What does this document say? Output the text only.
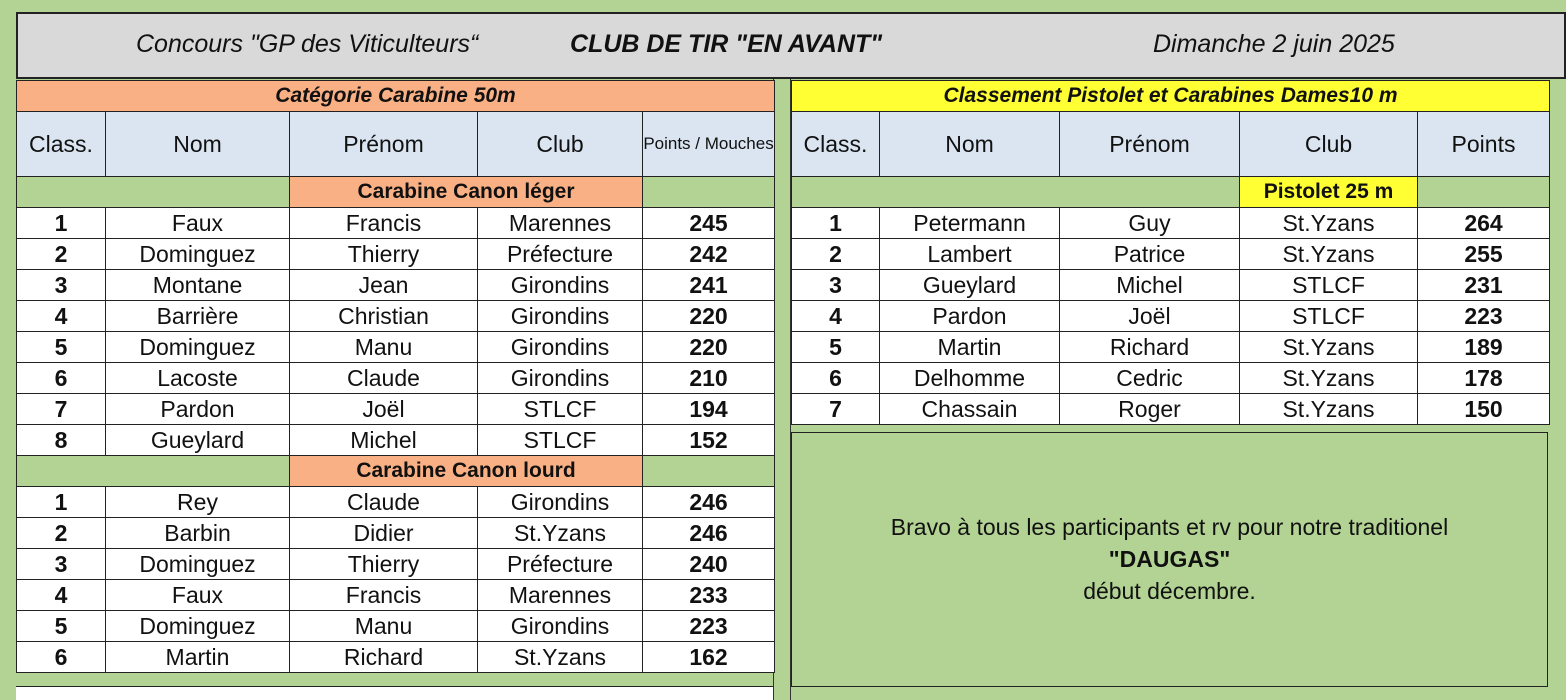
Concours "GP des Viticulteurs“	CLUB DE TIR "EN AVANT"	Dimanche 2 juin 2025
Catégorie Carabine 50m				
Class.	Nom	Prénom	Club	Points / Mouches
		Carabine Canon léger		
1	Faux	Francis	Marennes	245
2	Dominguez	Thierry	Préfecture	242
3	Montane	Jean	Girondins	241
4	Barrière	Christian	Girondins	220
5	Dominguez	Manu	Girondins	220
6	Lacoste	Claude	Girondins	210
7	Pardon	Joël	STLCF	194
8	Gueylard	Michel	STLCF	152
		Carabine Canon lourd		
1	Rey	Claude	Girondins	246
2	Barbin	Didier	St.Yzans	246
3	Dominguez	Thierry	Préfecture	240
4	Faux	Francis	Marennes	233
5	Dominguez	Manu	Girondins	223
6	Martin	Richard	St.Yzans	162
Classement Pistolet et Carabines Dames10 m				
Class.	Nom	Prénom	Club	Points
			Pistolet 25 m	
1	Petermann	Guy	St.Yzans	264
2	Lambert	Patrice	St.Yzans	255
3	Gueylard	Michel	STLCF	231
4	Pardon	Joël	STLCF	223
5	Martin	Richard	St.Yzans	189
6	Delhomme	Cedric	St.Yzans	178
7	Chassain	Roger	St.Yzans	150
Bravo à tous les participants et rv pour notre traditionel

"DAUGAS"
début décembre.
